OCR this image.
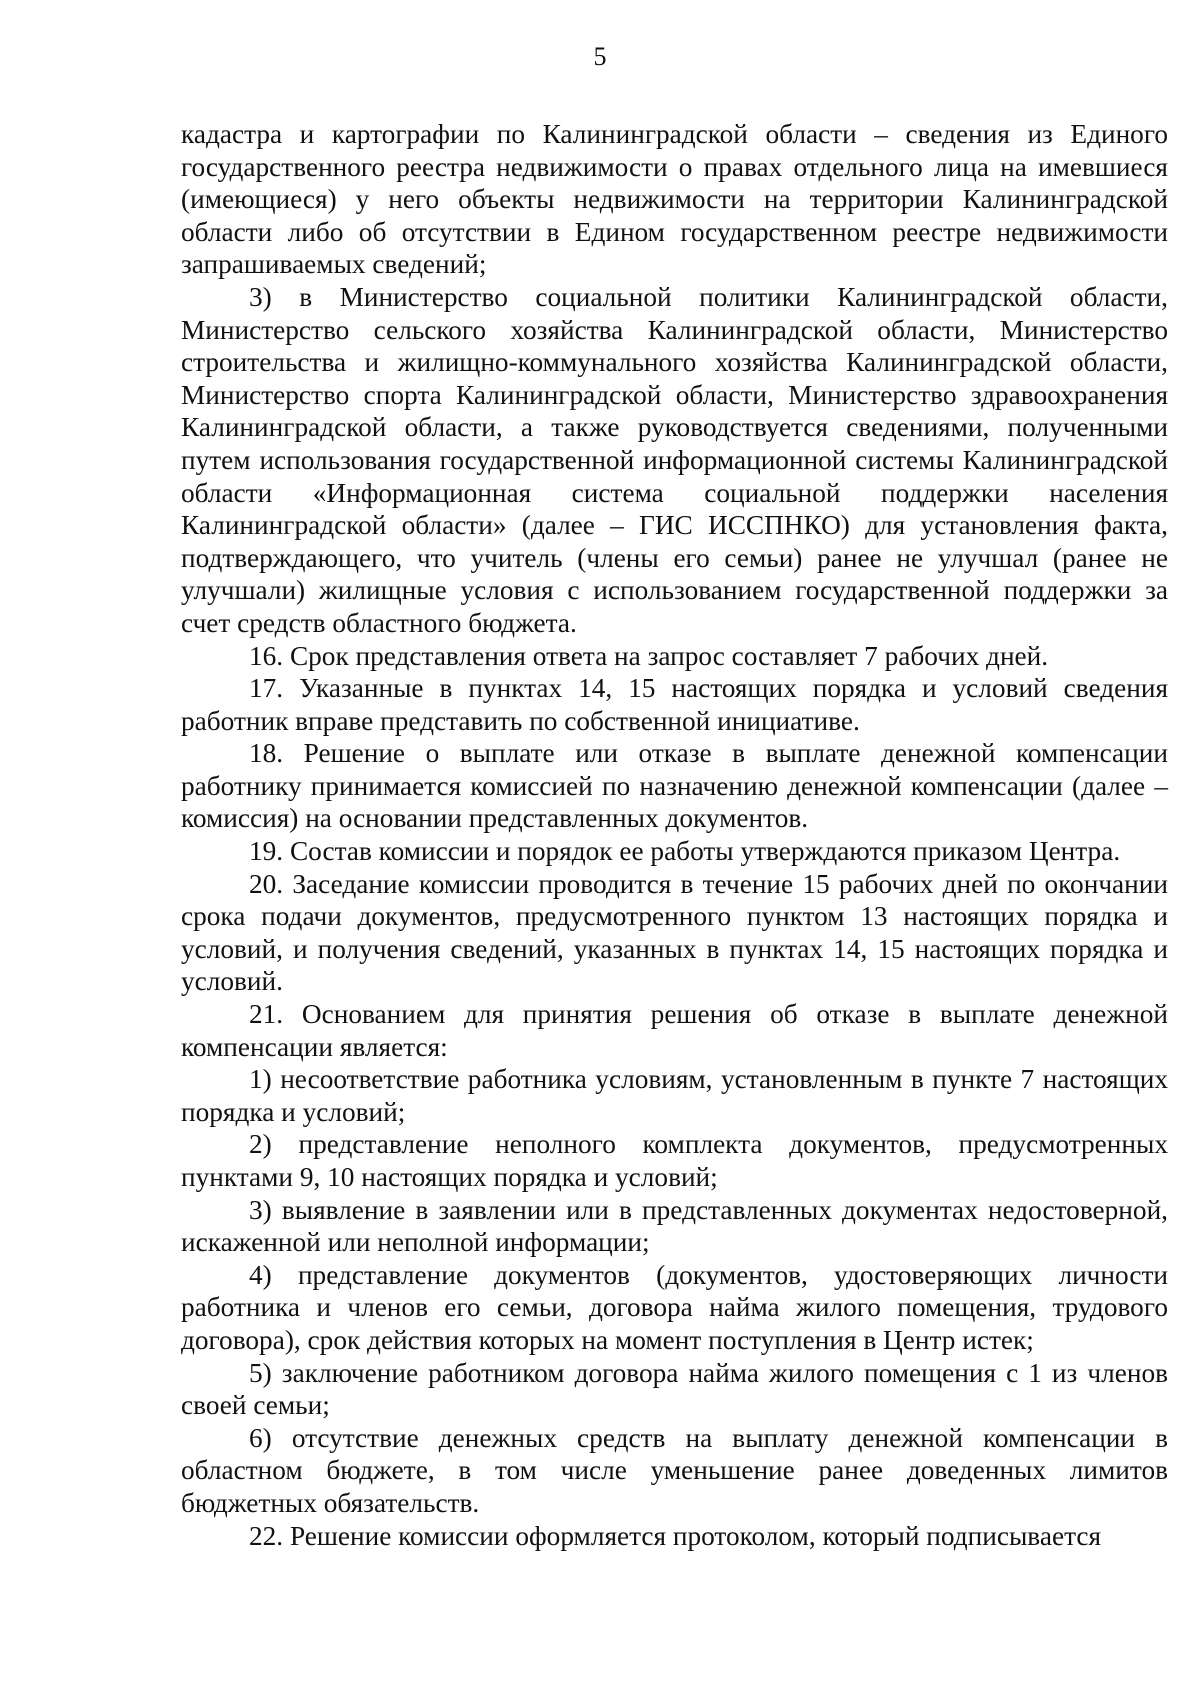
5

кадастра и картографии по Калининградской области – сведения из Единого государственного реестра недвижимости о правах отдельного лица на имевшиеся (имеющиеся) у него объекты недвижимости на территории Калининградской области либо об отсутствии в Едином государственном реестре недвижимости запрашиваемых сведений;

3) в Министерство социальной политики Калининградской области, Министерство сельского хозяйства Калининградской области, Министерство строительства и жилищно-коммунального хозяйства Калининградской области, Министерство спорта Калининградской области, Министерство здравоохранения Калининградской области, а также руководствуется сведениями, полученными путем использования государственной информационной системы Калининградской области «Информационная система социальной поддержки населения Калининградской области» (далее – ГИС ИССПНКО) для установления факта, подтверждающего, что учитель (члены его семьи) ранее не улучшал (ранее не улучшали) жилищные условия с использованием государственной поддержки за счет средств областного бюджета.

16. Срок представления ответа на запрос составляет 7 рабочих дней.

17. Указанные в пунктах 14, 15 настоящих порядка и условий сведения работник вправе представить по собственной инициативе.

18. Решение о выплате или отказе в выплате денежной компенсации работнику принимается комиссией по назначению денежной компенсации (далее – комиссия) на основании представленных документов.

19. Состав комиссии и порядок ее работы утверждаются приказом Центра.

20. Заседание комиссии проводится в течение 15 рабочих дней по окончании срока подачи документов, предусмотренного пунктом 13 настоящих порядка и условий, и получения сведений, указанных в пунктах 14, 15 настоящих порядка и условий.

21. Основанием для принятия решения об отказе в выплате денежной компенсации является:

1) несоответствие работника условиям, установленным в пункте 7 настоящих порядка и условий;

2) представление неполного комплекта документов, предусмотренных пунктами 9, 10 настоящих порядка и условий;

3) выявление в заявлении или в представленных документах недостоверной, искаженной или неполной информации;

4) представление документов (документов, удостоверяющих личности работника и членов его семьи, договора найма жилого помещения, трудового договора), срок действия которых на момент поступления в Центр истек;

5) заключение работником договора найма жилого помещения с 1 из членов своей семьи;

6) отсутствие денежных средств на выплату денежной компенсации в областном бюджете, в том числе уменьшение ранее доведенных лимитов бюджетных обязательств.

22. Решение комиссии оформляется протоколом, который подписывается
